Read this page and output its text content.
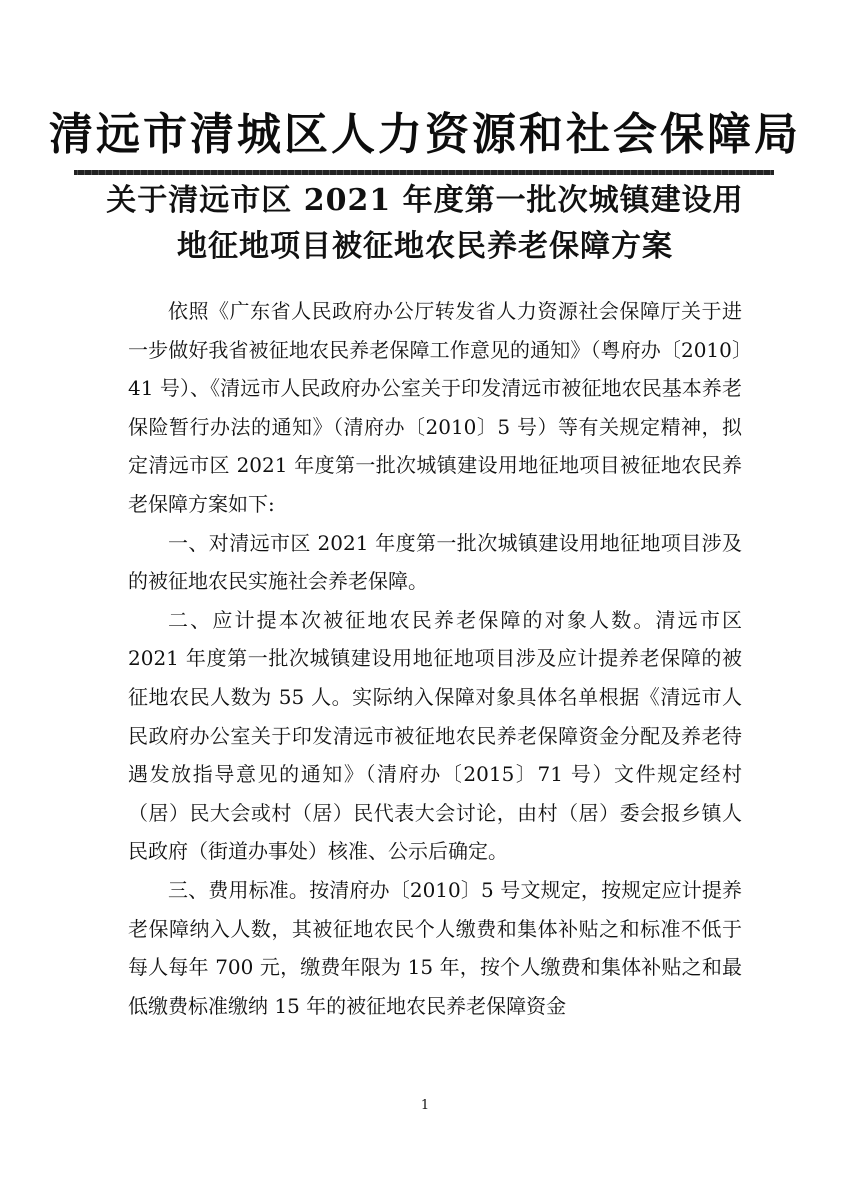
清远市清城区人力资源和社会保障局
关于清远市区 2021 年度第一批次城镇建设用
地征地项目被征地农民养老保障方案

依照《广东省人民政府办公厅转发省人力资源社会保障厅关于进一步做好我省被征地农民养老保障工作意见的通知》（粤府办〔2010〕41 号）、《清远市人民政府办公室关于印发清远市被征地农民基本养老保险暂行办法的通知》（清府办〔2010〕5 号）等有关规定精神，拟定清远市区 2021 年度第一批次城镇建设用地征地项目被征地农民养老保障方案如下:

一、对清远市区 2021 年度第一批次城镇建设用地征地项目涉及的被征地农民实施社会养老保障。

二、应计提本次被征地农民养老保障的对象人数。清远市区 2021 年度第一批次城镇建设用地征地项目涉及应计提养老保障的被征地农民人数为 55 人。实际纳入保障对象具体名单根据《清远市人民政府办公室关于印发清远市被征地农民养老保障资金分配及养老待遇发放指导意见的通知》（清府办〔2015〕71 号）文件规定经村（居）民大会或村（居）民代表大会讨论，由村（居）委会报乡镇人民政府（街道办事处）核准、公示后确定。

三、费用标准。按清府办〔2010〕5 号文规定，按规定应计提养老保障纳入人数，其被征地农民个人缴费和集体补贴之和标准不低于每人每年 700 元，缴费年限为 15 年，按个人缴费和集体补贴之和最低缴费标准缴纳 15 年的被征地农民养老保障资金

1
